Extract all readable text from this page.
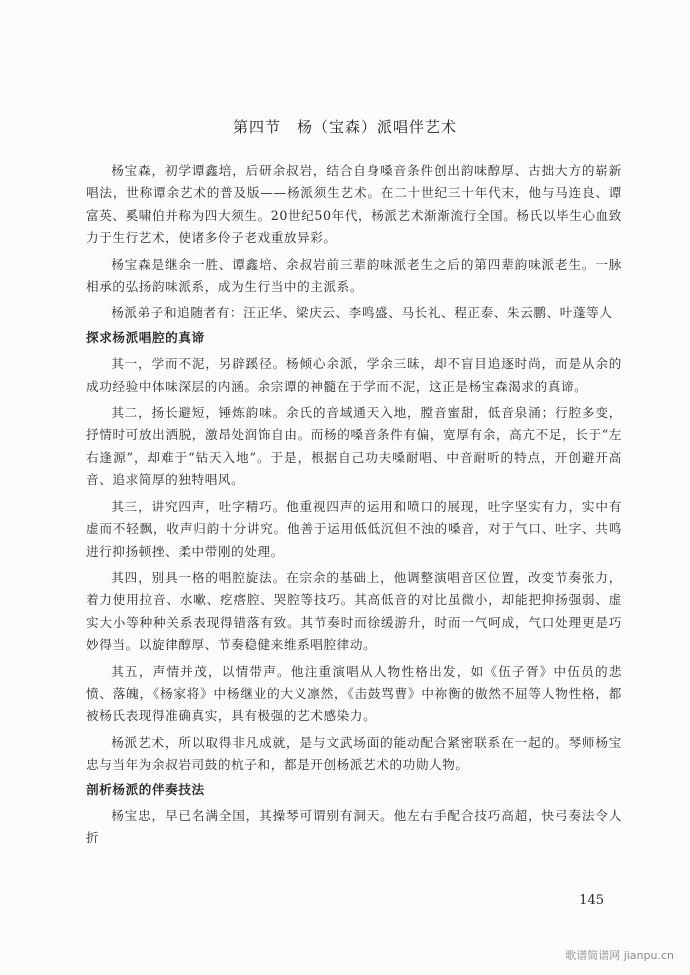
第四节　杨（宝森）派唱伴艺术

杨宝森，初学谭鑫培，后研余叔岩，结合自身嗓音条件创出韵味醇厚、古拙大方的崭新唱法，世称谭余艺术的普及版——杨派须生艺术。在二十世纪三十年代末，他与马连良、谭富英、奚啸伯并称为四大须生。20世纪50年代，杨派艺术渐渐流行全国。杨氏以毕生心血致力于生行艺术，使诸多伶子老戏重放异彩。

杨宝森是继余一胜、谭鑫培、余叔岩前三辈韵味派老生之后的第四辈韵味派老生。一脉相承的弘扬韵味派系，成为生行当中的主派系。

杨派弟子和追随者有：汪正华、梁庆云、李鸣盛、马长礼、程正泰、朱云鹏、叶蓬等人

探求杨派唱腔的真谛

其一，学而不泥，另辟蹊径。杨倾心余派，学余三昧，却不盲目追逐时尚，而是从余的成功经验中体味深层的内涵。余宗谭的神髓在于学而不泥，这正是杨宝森渴求的真谛。

其二，扬长避短，锤炼韵味。余氏的音域通天入地，膛音蜜甜，低音泉涌；行腔多变，抒情时可放出洒脱，激昂处润饰自由。而杨的嗓音条件有偏，宽厚有余，高亢不足，长于“左右逢源”，却难于“钻天入地”。于是，根据自己功夫嗓耐唱、中音耐听的特点，开创避开高音、追求简厚的独特唱风。

其三，讲究四声，吐字精巧。他重视四声的运用和喷口的展现，吐字坚实有力，实中有虚而不轻飘，收声归韵十分讲究。他善于运用低低沉但不浊的嗓音，对于气口、吐字、共鸣进行抑扬顿挫、柔中带刚的处理。

其四，别具一格的唱腔旋法。在宗余的基础上，他调整演唱音区位置，改变节奏张力，着力使用拉音、水嗽、疙瘩腔、哭腔等技巧。其高低音的对比虽微小，却能把抑扬强弱、虚实大小等种种关系表现得错落有致。其节奏时而徐缓游升，时而一气呵成，气口处理更是巧妙得当。以旋律醇厚、节奏稳健来维系唱腔律动。

其五，声情并茂，以情带声。他注重演唱从人物性格出发，如《伍子胥》中伍员的悲愤、落魄，《杨家将》中杨继业的大义凛然，《击鼓骂曹》中祢衡的傲然不屈等人物性格，都被杨氏表现得准确真实，具有极强的艺术感染力。

杨派艺术，所以取得非凡成就，是与文武场面的能动配合紧密联系在一起的。琴师杨宝忠与当年为余叔岩司鼓的杭子和，都是开创杨派艺术的功勋人物。

剖析杨派的伴奏技法

杨宝忠，早已名满全国，其操琴可谓别有洞天。他左右手配合技巧高超，快弓奏法令人折

145
歌谱简谱网 jianpu.cn
